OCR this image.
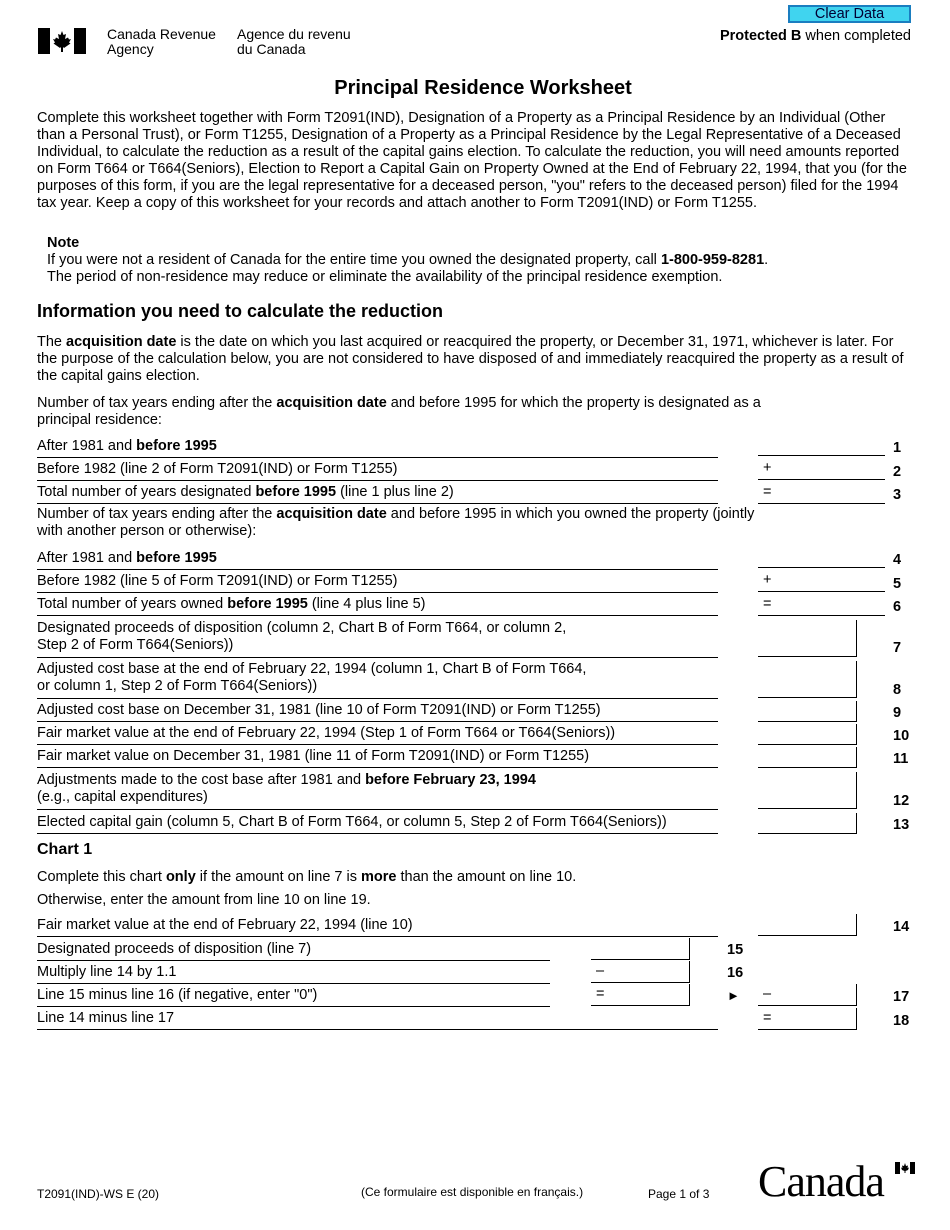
Canada Revenue
Agency
Agence du revenu
du Canada
Clear Data
Protected B when completed
Principal Residence Worksheet
Complete this worksheet together with Form T2091(IND), Designation of a Property as a Principal Residence by an Individual (Other than a Personal Trust), or Form T1255, Designation of a Property as a Principal Residence by the Legal Representative of a Deceased Individual, to calculate the reduction as a result of the capital gains election. To calculate the reduction, you will need amounts reported on Form T664 or T664(Seniors), Election to Report a Capital Gain on Property Owned at the End of February 22, 1994, that you (for the purposes of this form, if you are the legal representative for a deceased person, "you" refers to the deceased person) filed for the 1994 tax year. Keep a copy of this worksheet for your records and attach another to Form T2091(IND) or Form T1255.
Note
If you were not a resident of Canada for the entire time you owned the designated property, call 1-800-959-8281.
The period of non-residence may reduce or eliminate the availability of the principal residence exemption.
Information you need to calculate the reduction
The acquisition date is the date on which you last acquired or reacquired the property, or December 31, 1971, whichever is later. For the purpose of the calculation below, you are not considered to have disposed of and immediately reacquired the property as a result of the capital gains election.
Number of tax years ending after the acquisition date and before 1995 for which the property is designated as a principal residence:
After 1981 and before 1995	1
Before 1982 (line 2 of Form T2091(IND) or Form T1255)	+	2
Total number of years designated before 1995 (line 1 plus line 2)	=	3
Number of tax years ending after the acquisition date and before 1995 in which you owned the property (jointly with another person or otherwise):
After 1981 and before 1995	4
Before 1982 (line 5 of Form T2091(IND) or Form T1255)	+	5
Total number of years owned before 1995 (line 4 plus line 5)	=	6
Designated proceeds of disposition (column 2, Chart B of Form T664, or column 2,
Step 2 of Form T664(Seniors))	7
Adjusted cost base at the end of February 22, 1994 (column 1, Chart B of Form T664,
or column 1, Step 2 of Form T664(Seniors))	8
Adjusted cost base on December 31, 1981 (line 10 of Form T2091(IND) or Form T1255)	9
Fair market value at the end of February 22, 1994 (Step 1 of Form T664 or T664(Seniors))	10
Fair market value on December 31, 1981 (line 11 of Form T2091(IND) or Form T1255)	11
Adjustments made to the cost base after 1981 and before February 23, 1994
(e.g., capital expenditures)	12
Elected capital gain (column 5, Chart B of Form T664, or column 5, Step 2 of Form T664(Seniors))	13
Chart 1
Complete this chart only if the amount on line 7 is more than the amount on line 10.
Otherwise, enter the amount from line 10 on line 19.
Fair market value at the end of February 22, 1994 (line 10)	14
Designated proceeds of disposition (line 7)	15
Multiply line 14 by 1.1	–	16
Line 15 minus line 16 (if negative, enter "0")	=	► –	17
Line 14 minus line 17	=	18
T2091(IND)-WS E (20)	(Ce formulaire est disponible en français.)	Page 1 of 3 Canada
